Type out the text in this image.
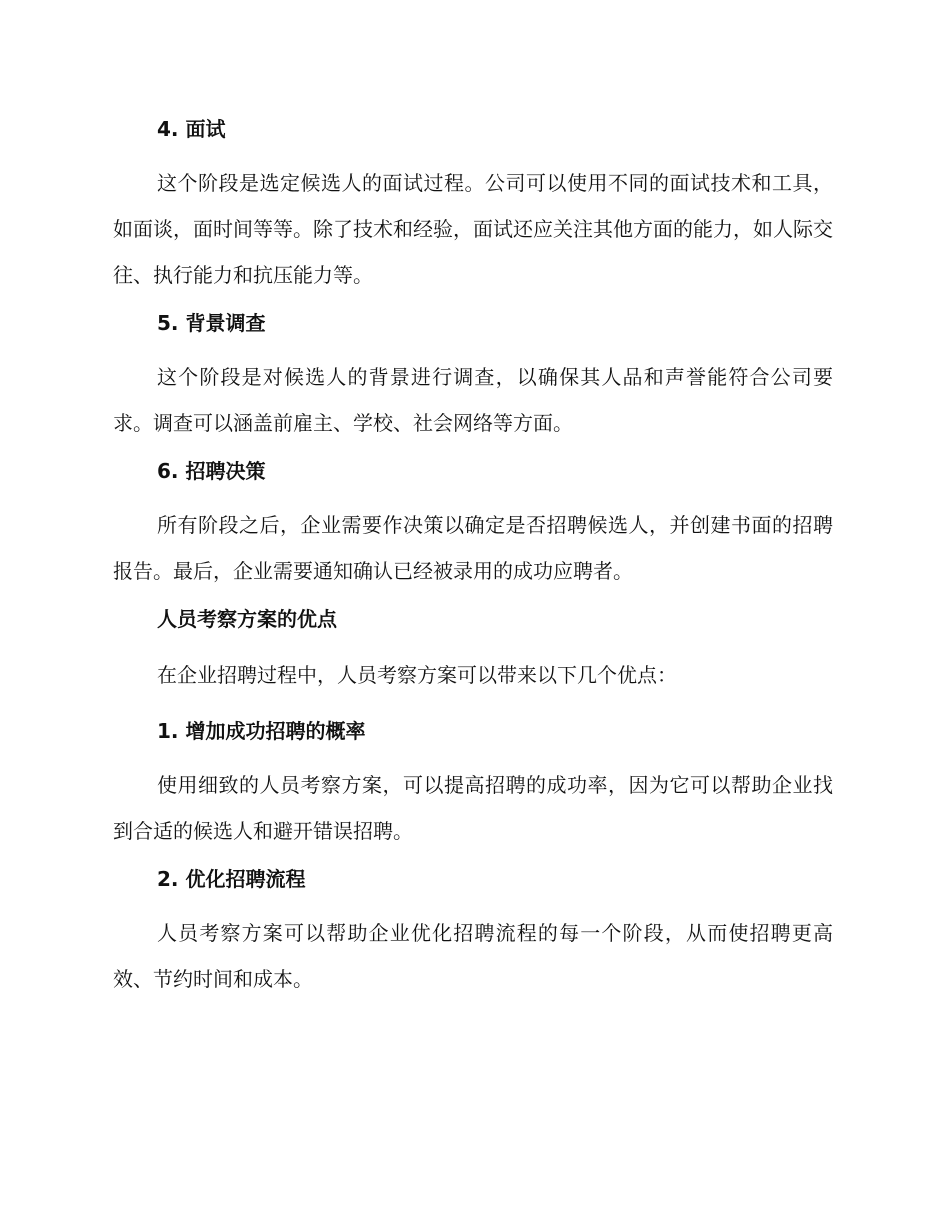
4. 面试
这个阶段是选定候选人的面试过程。公司可以使用不同的面试技术和工具，如面谈，面时间等等。除了技术和经验，面试还应关注其他方面的能力，如人际交往、执行能力和抗压能力等。
5. 背景调查
这个阶段是对候选人的背景进行调查，以确保其人品和声誉能符合公司要求。调查可以涵盖前雇主、学校、社会网络等方面。
6. 招聘决策
所有阶段之后，企业需要作决策以确定是否招聘候选人，并创建书面的招聘报告。最后，企业需要通知确认已经被录用的成功应聘者。
人员考察方案的优点
在企业招聘过程中，人员考察方案可以带来以下几个优点：
1. 增加成功招聘的概率
使用细致的人员考察方案，可以提高招聘的成功率，因为它可以帮助企业找到合适的候选人和避开错误招聘。
2. 优化招聘流程
人员考察方案可以帮助企业优化招聘流程的每一个阶段，从而使招聘更高效、节约时间和成本。
